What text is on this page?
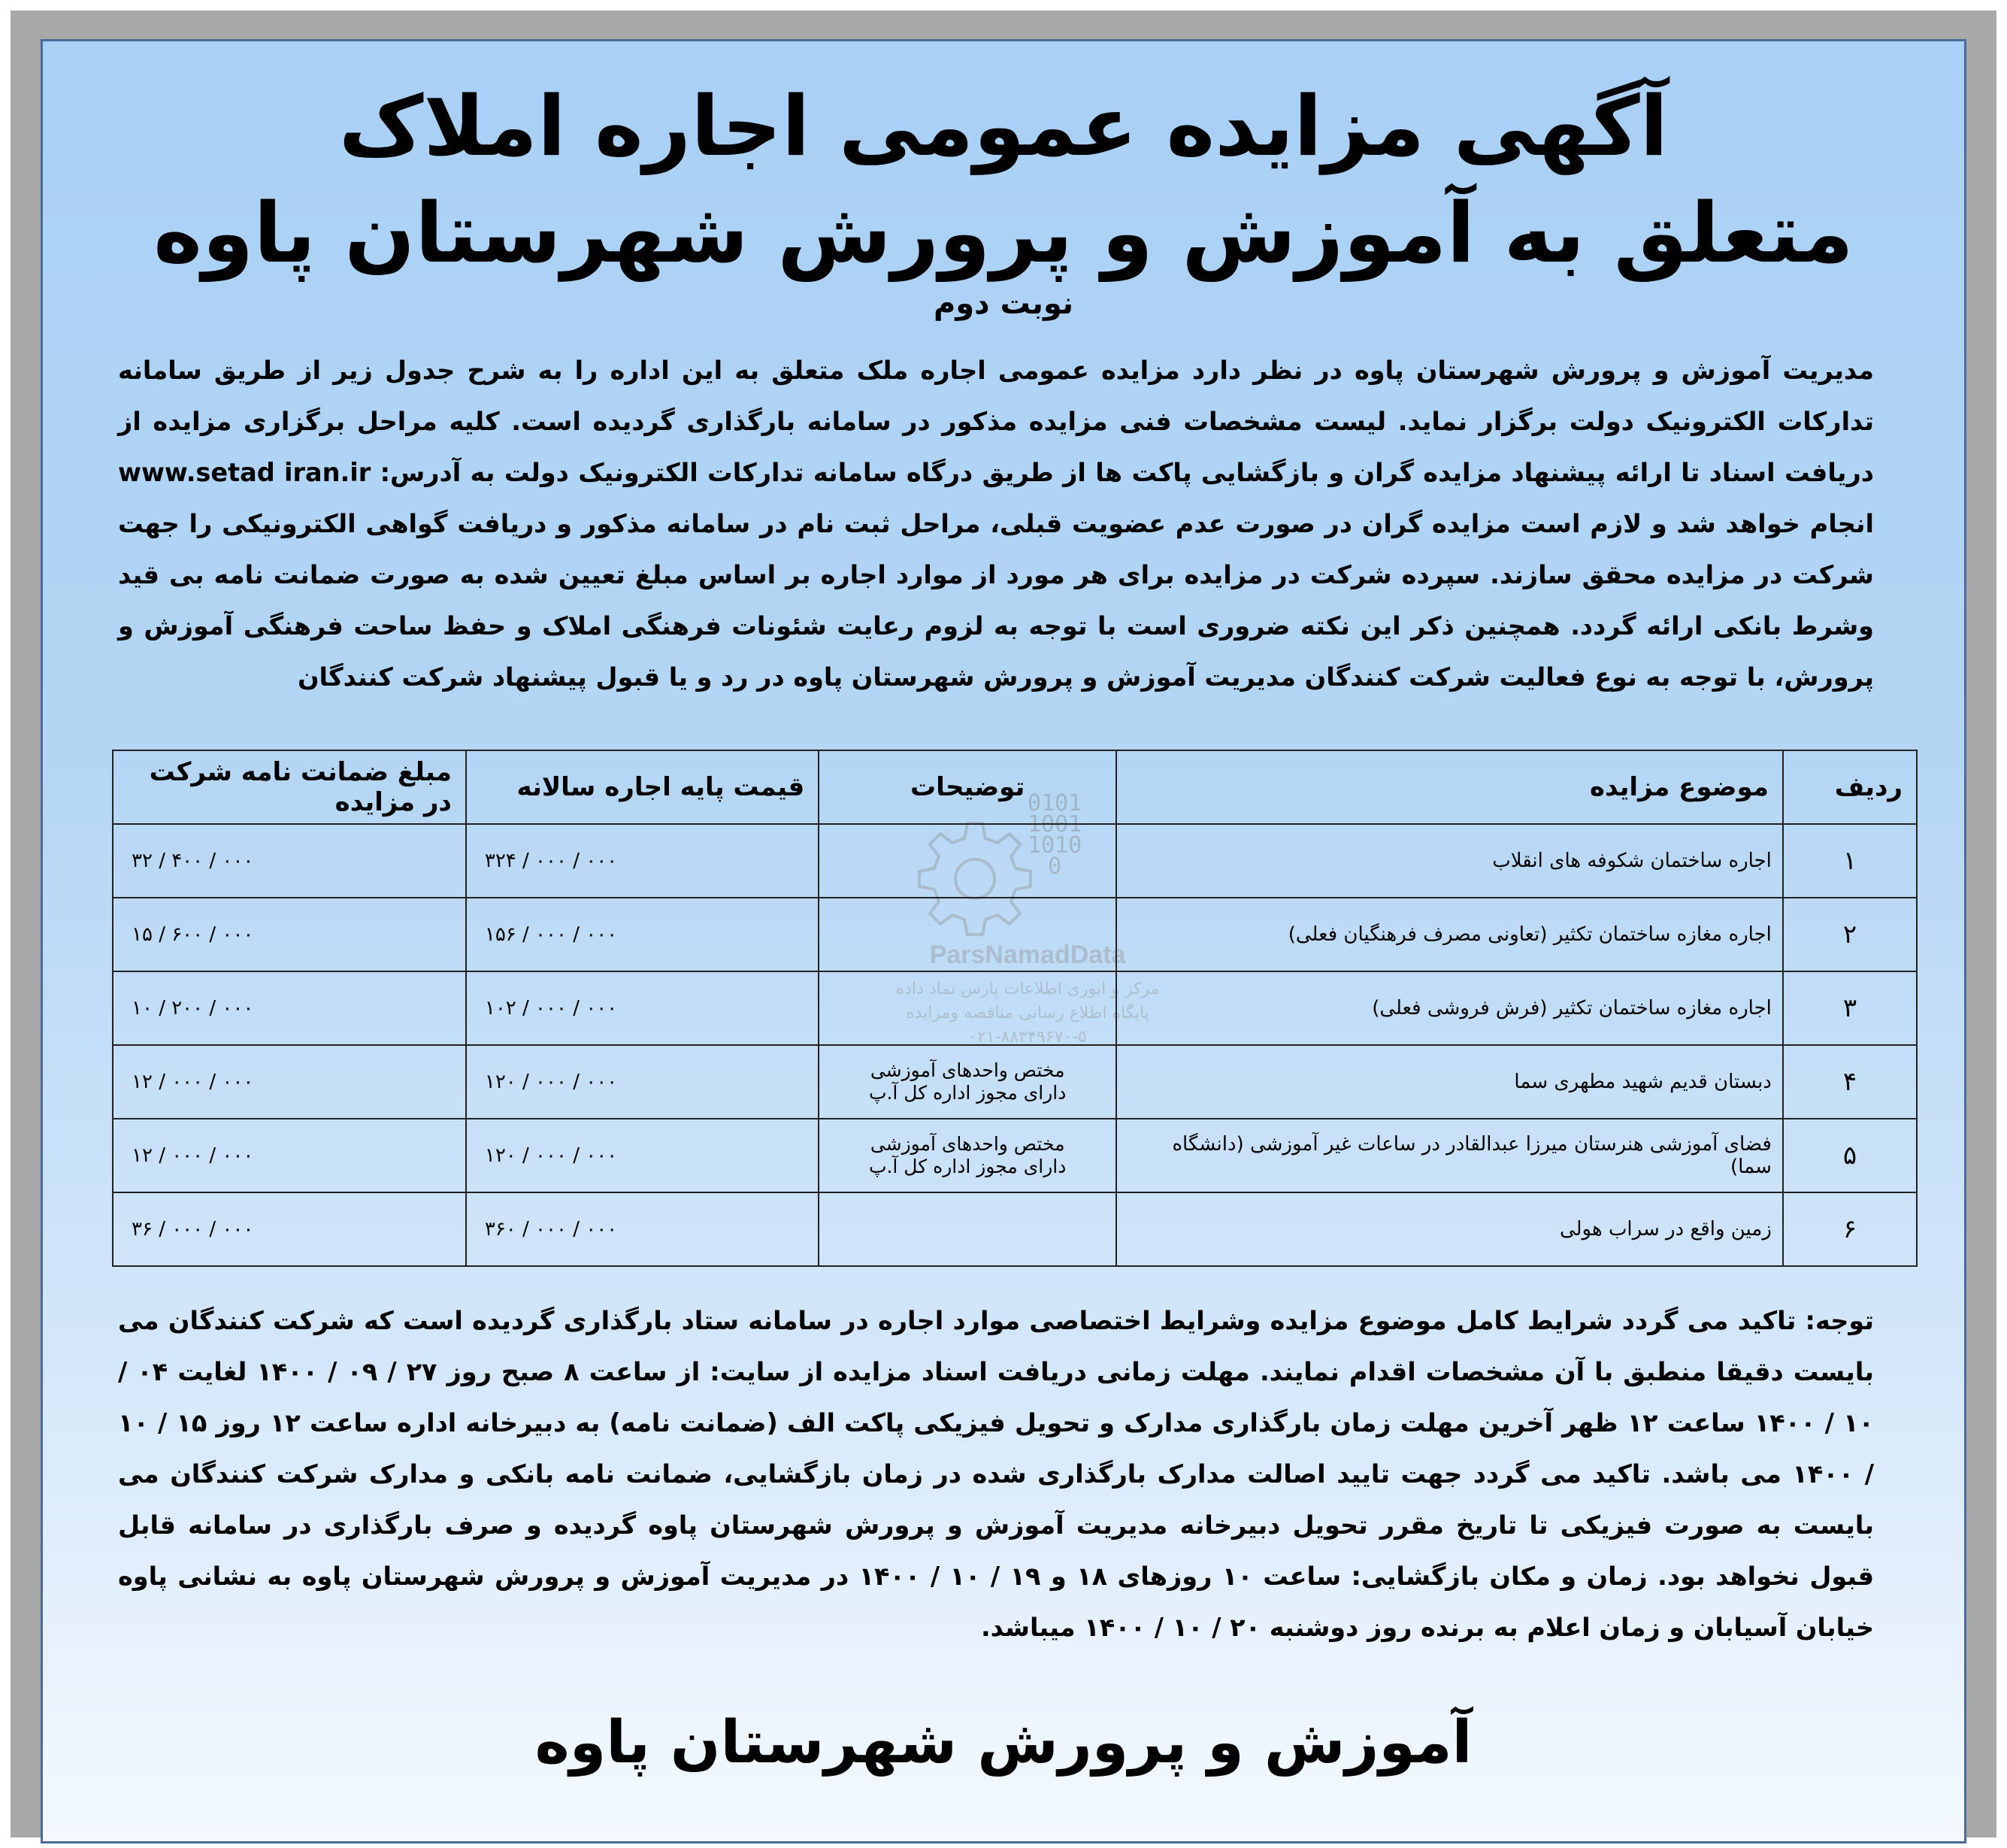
آگهی مزایده عمومی اجاره املاک
متعلق به آموزش و پرورش شهرستان پاوه
نوبت دوم
مدیریت آموزش و پرورش شهرستان پاوه در نظر دارد مزایده عمومی اجاره ملک متعلق به این اداره را به شرح جدول زیر از طریق سامانه تدارکات الکترونیک دولت برگزار نماید. لیست مشخصات فنی مزایده مذکور در سامانه بارگذاری گردیده است. کلیه مراحل برگزاری مزایده از دریافت اسناد تا ارائه پیشنهاد مزایده گران و بازگشایی پاکت ها از طریق درگاه سامانه تدارکات الکترونیک دولت به آدرس: www.setad iran.ir انجام خواهد شد و لازم است مزایده گران در صورت عدم عضویت قبلی، مراحل ثبت نام در سامانه مذکور و دریافت گواهی الکترونیکی را جهت شرکت در مزایده محقق سازند. سپرده شرکت در مزایده برای هر مورد از موارد اجاره بر اساس مبلغ تعیین شده به صورت ضمانت نامه بی قید وشرط بانکی ارائه گردد. همچنین ذکر این نکته ضروری است با توجه به لزوم رعایت شئونات فرهنگی املاک و حفظ ساحت فرهنگی آموزش و پرورش، با توجه به نوع فعالیت شرکت کنندگان مدیریت آموزش و پرورش شهرستان پاوه در رد و یا قبول پیشنهاد شرکت کنندگان
0101
1001
1010
0
ParsNamadData
مرکز و ابوری اطلاعات پارس نماد داده
پایگاه اطلاع رسانی مناقصه ومزایده
۰۲۱-۸۸۳۴۹۶۷۰-۵
ردیف	موضوع مزایده	توضیحات	قیمت پایه اجاره سالانه	مبلغ ضمانت نامه شرکت در مزایده
۱	اجاره ساختمان شکوفه های انقلاب		۳۲۴ / ۰۰۰ / ۰۰۰	۳۲ / ۴۰۰ / ۰۰۰
۲	اجاره مغازه ساختمان تکثیر (تعاونی مصرف فرهنگیان فعلی)		۱۵۶ / ۰۰۰ / ۰۰۰	۱۵ / ۶۰۰ / ۰۰۰
۳	اجاره مغازه ساختمان تکثیر (فرش فروشی فعلی)		۱۰۲ / ۰۰۰ / ۰۰۰	۱۰ / ۲۰۰ / ۰۰۰
۴	دبستان قدیم شهید مطهری سما	مختص واحدهای آموزشی
دارای مجوز اداره کل آ.پ	۱۲۰ / ۰۰۰ / ۰۰۰	۱۲ / ۰۰۰ / ۰۰۰
۵	فضای آموزشی هنرستان میرزا عبدالقادر در ساعات غیر آموزشی (دانشگاه سما)	مختص واحدهای آموزشی
دارای مجوز اداره کل آ.پ	۱۲۰ / ۰۰۰ / ۰۰۰	۱۲ / ۰۰۰ / ۰۰۰
۶	زمین واقع در سراب هولی		۳۶۰ / ۰۰۰ / ۰۰۰	۳۶ / ۰۰۰ / ۰۰۰
توجه: تاکید می گردد شرایط کامل موضوع مزایده وشرایط اختصاصی موارد اجاره در سامانه ستاد بارگذاری گردیده است که شرکت کنندگان می بایست دقیقا منطبق با آن مشخصات اقدام نمایند. مهلت زمانی دریافت اسناد مزایده از سایت: از ساعت ۸ صبح روز ۲۷ / ۰۹ / ۱۴۰۰ لغایت ۰۴ / ۱۰ / ۱۴۰۰ ساعت ۱۲ ظهر آخرین مهلت زمان بارگذاری مدارک و تحویل فیزیکی پاکت الف (ضمانت نامه) به دبیرخانه اداره ساعت ۱۲ روز ۱۵ / ۱۰ / ۱۴۰۰ می باشد. تاکید می گردد جهت تایید اصالت مدارک بارگذاری شده در زمان بازگشایی، ضمانت نامه بانکی و مدارک شرکت کنندگان می بایست به صورت فیزیکی تا تاریخ مقرر تحویل دبیرخانه مدیریت آموزش و پرورش شهرستان پاوه گردیده و صرف بارگذاری در سامانه قابل قبول نخواهد بود. زمان و مکان بازگشایی: ساعت ۱۰ روزهای ۱۸ و ۱۹ / ۱۰ / ۱۴۰۰ در مدیریت آموزش و پرورش شهرستان پاوه به نشانی پاوه خیابان آسیابان و زمان اعلام به برنده روز دوشنبه ۲۰ / ۱۰ / ۱۴۰۰ میباشد.
آموزش و پرورش شهرستان پاوه
